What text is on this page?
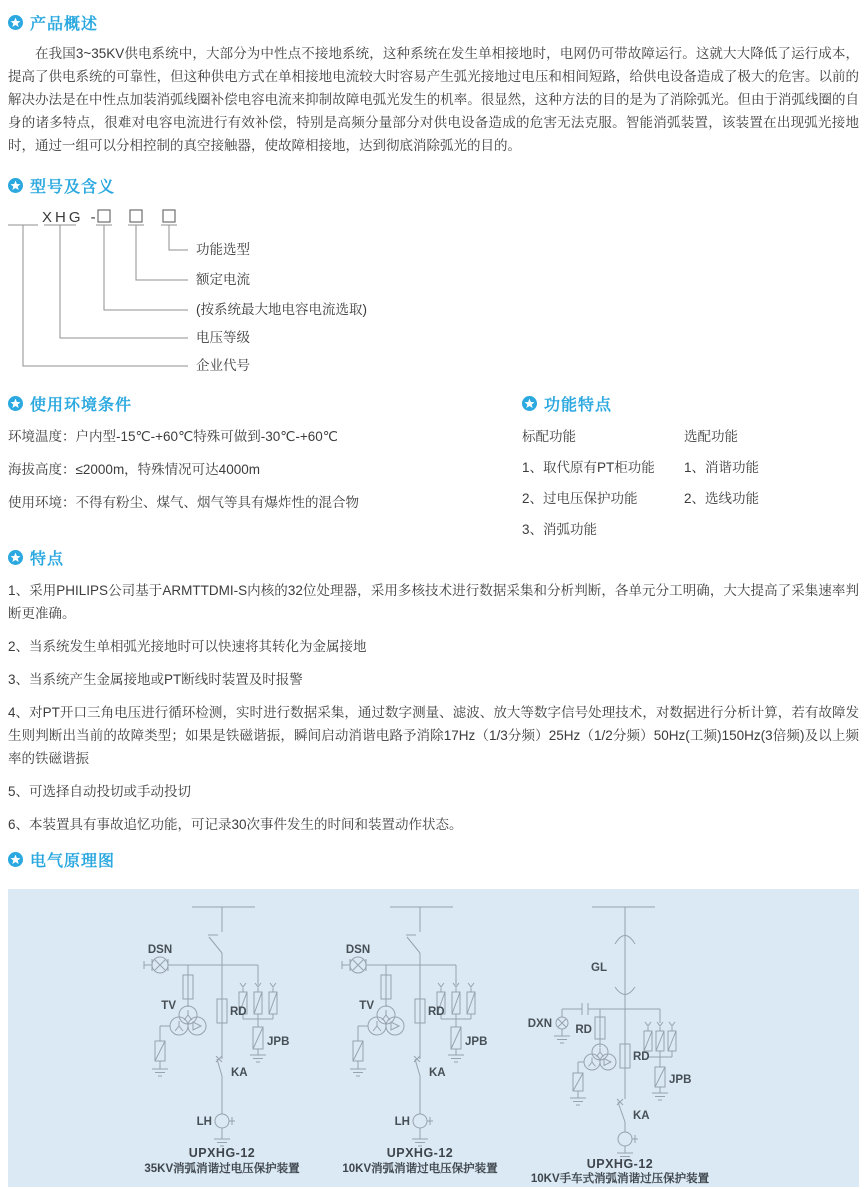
产品概述

在我国3~35KV供电系统中，大部分为中性点不接地系统，这种系统在发生单相接地时，电网仍可带故障运行。这就大大降低了运行成本，提高了供电系统的可靠性，但这种供电方式在单相接地电流较大时容易产生弧光接地过电压和相间短路，给供电设备造成了极大的危害。以前的解决办法是在中性点加装消弧线圈补偿电容电流来抑制故障电弧光发生的机率。很显然，这种方法的目的是为了消除弧光。但由于消弧线圈的自身的诸多特点，很难对电容电流进行有效补偿，特别是高频分量部分对供电设备造成的危害无法克服。智能消弧装置，该装置在出现弧光接地时，通过一组可以分相控制的真空接触器，使故障相接地，达到彻底消除弧光的目的。

型号及含义
XHG -
功能选型
额定电流
(按系统最大地电容电流选取)
电压等级
企业代号
使用环境条件

环境温度：户内型-15℃-+60℃特殊可做到-30℃-+60℃

海拔高度：≤2000m，特殊情况可达4000m

使用环境：不得有粉尘、煤气、烟气等具有爆炸性的混合物

功能特点

标配功能

1、取代原有PT柜功能

2、过电压保护功能

3、消弧功能

选配功能

1、消谐功能

2、选线功能

特点

1、采用PHILIPS公司基于ARMTTDMI-S内核的32位处理器，采用多核技术进行数据采集和分析判断，各单元分工明确，大大提高了采集速率判断更准确。

2、当系统发生单相弧光接地时可以快速将其转化为金属接地

3、当系统产生金属接地或PT断线时装置及时报警

4、对PT开口三角电压进行循环检测，实时进行数据采集，通过数字测量、滤波、放大等数字信号处理技术，对数据进行分析计算，若有故障发生则判断出当前的故障类型；如果是铁磁谐振，瞬间启动消谐电路予消除17Hz（1/3分频）25Hz（1/2分频）50Hz(工频)150Hz(3倍频)及以上频率的铁磁谐振

5、可选择自动投切或手动投切

6、本装置具有事故追忆功能，可记录30次事件发生的时间和装置动作状态。

电气原理图
DSN
TV	RD
JPB
KA
LH
UPXHG-12
35KV消弧消谐过电压保护装置
DSN
TV	RD
JPB
KA
LH
UPXHG-12
10KV消弧消谐过电压保护装置
GL
DXN RD
RD
JPB
KA
UPXHG-12
10KV手车式消弧消谐过压保护装置
